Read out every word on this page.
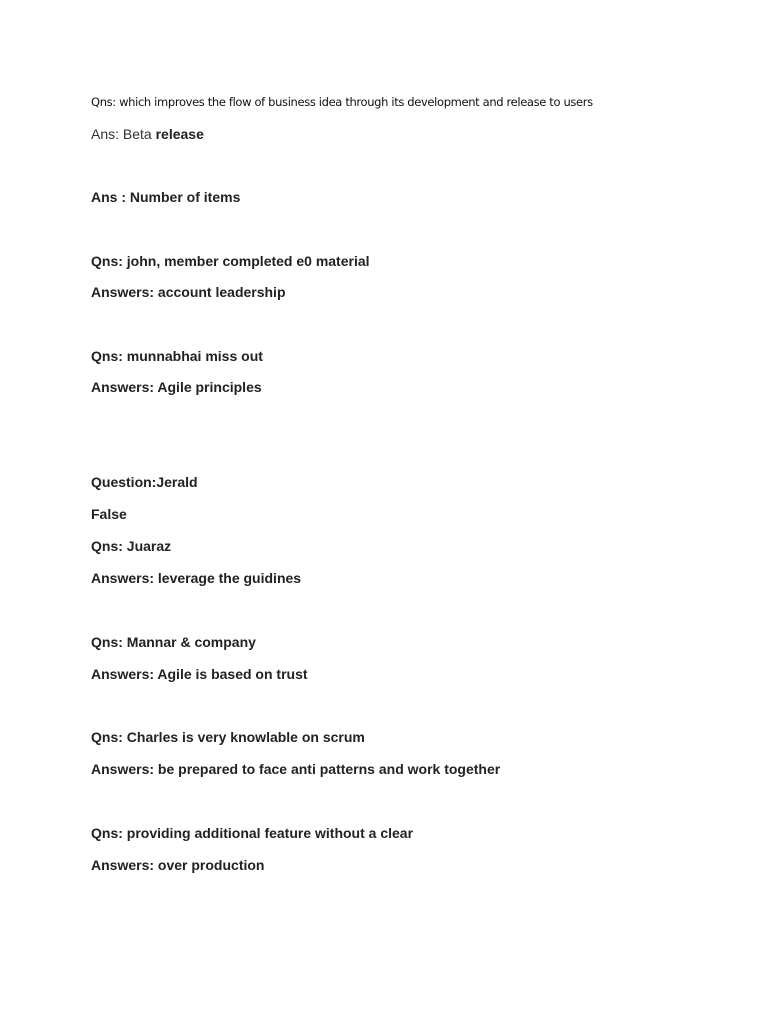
Qns: which improves the flow of business idea through its development and release to users
Ans: Beta release
Ans : Number of items
Qns: john, member completed e0 material
Answers: account leadership
Qns: munnabhai miss out
Answers: Agile principles
Question:Jerald
False
Qns: Juaraz
Answers: leverage the guidines
Qns: Mannar & company
Answers: Agile is based on trust
Qns: Charles is very knowlable on scrum
Answers: be prepared to face anti patterns and work together
Qns: providing additional feature without a clear
Answers: over production
